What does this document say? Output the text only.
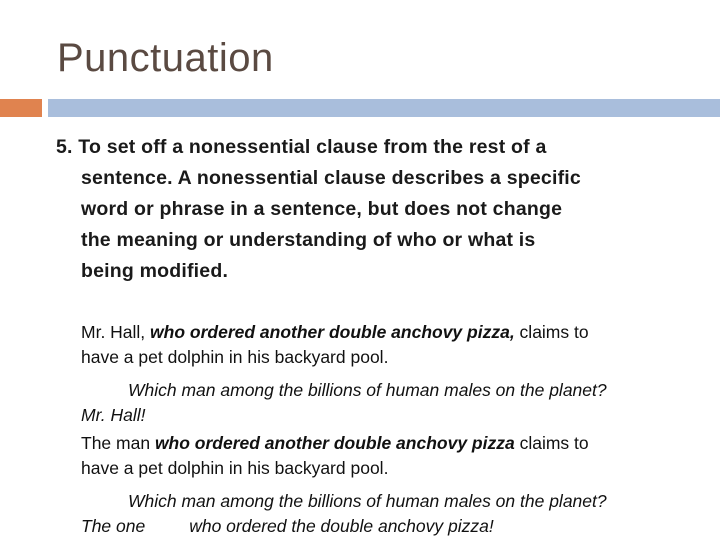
Punctuation
5. To set off a nonessential clause from the rest of a
sentence. A nonessential clause describes a specific
word or phrase in a sentence, but does not change
the meaning or understanding of who or what is
being modified.
Mr. Hall, who ordered another double anchovy pizza, claims to
have a pet dolphin in his backyard pool.
Which man among the billions of human males on the planet?
Mr. Hall!
The man who ordered another double anchovy pizza claims to
have a pet dolphin in his backyard pool.
Which man among the billions of human males on the planet?
The one	who ordered the double anchovy pizza!
